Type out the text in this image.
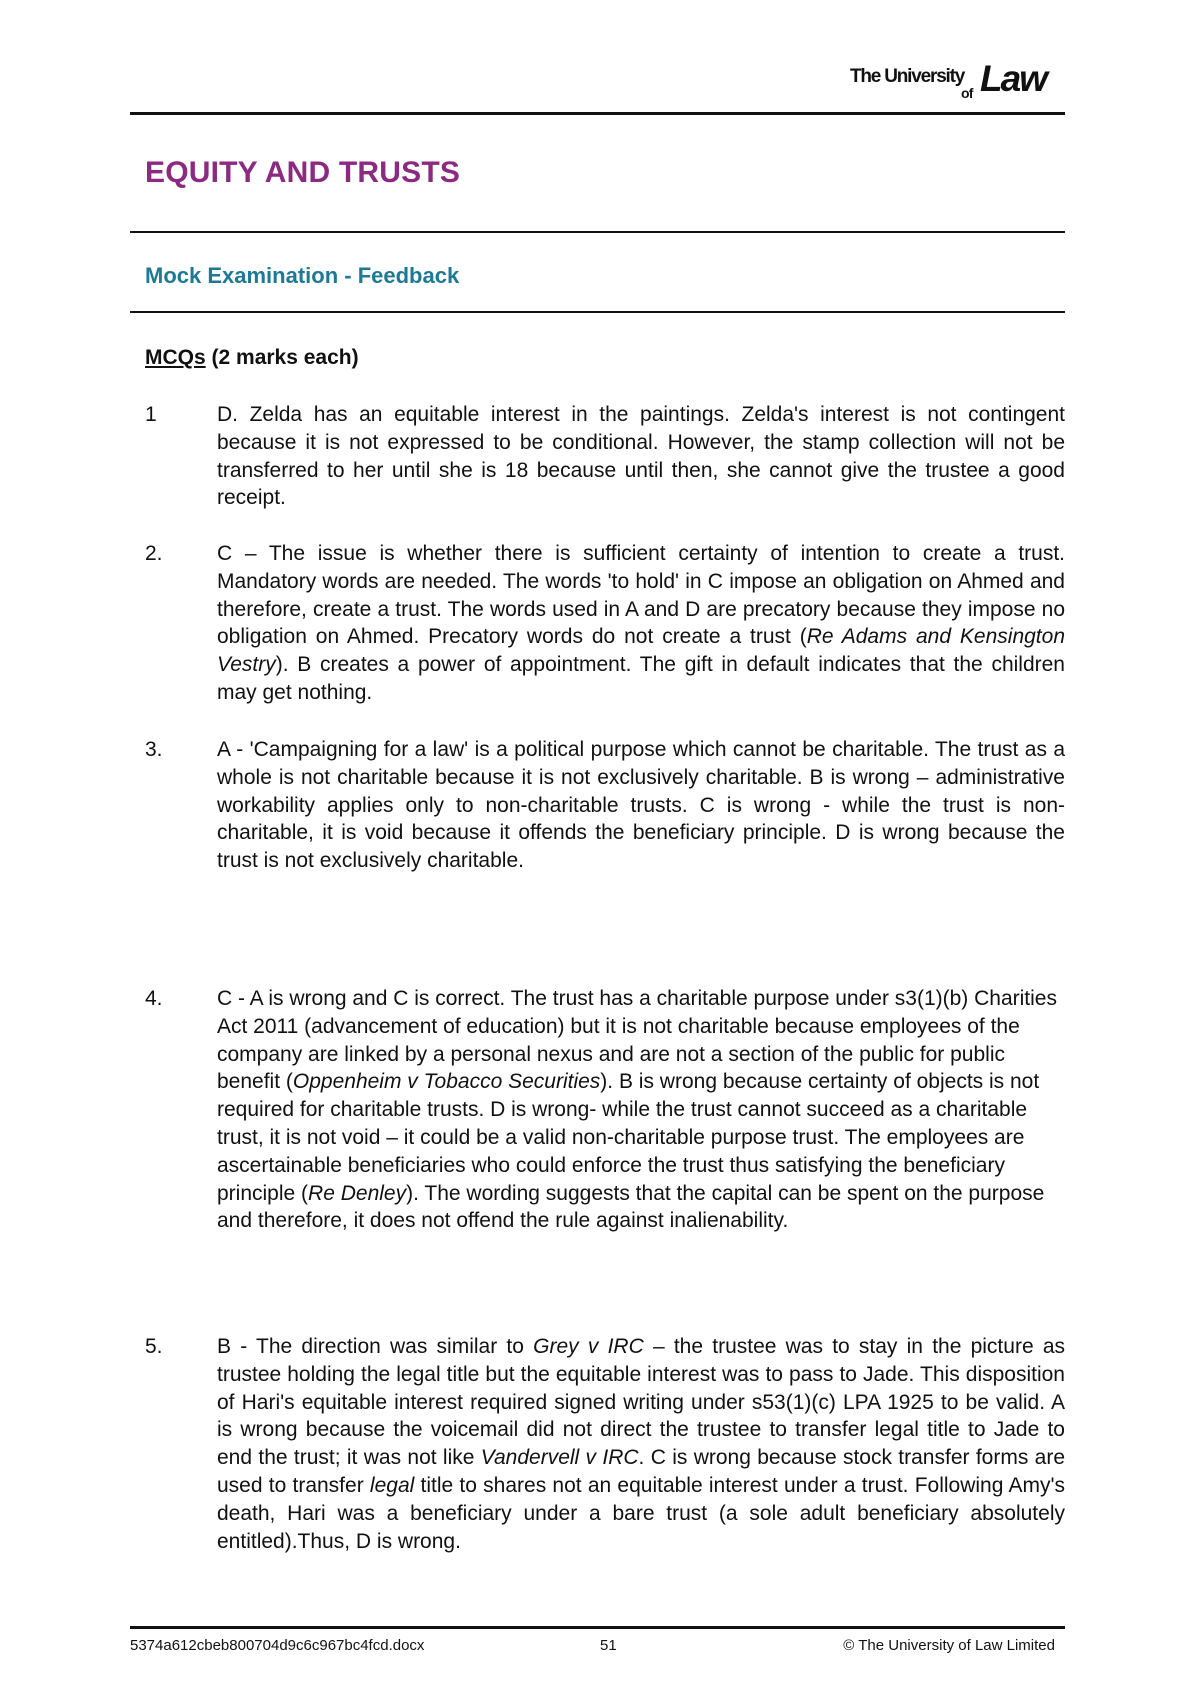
The University
of Law
EQUITY AND TRUSTS
Mock Examination - Feedback

MCQs (2 marks each)

1	D. Zelda has an equitable interest in the paintings. Zelda's interest is not contingent because it is not expressed to be conditional. However, the stamp collection will not be transferred to her until she is 18 because until then, she cannot give the trustee a good receipt.
2.	C – The issue is whether there is sufficient certainty of intention to create a trust. Mandatory words are needed. The words 'to hold' in C impose an obligation on Ahmed and therefore, create a trust. The words used in A and D are precatory because they impose no obligation on Ahmed. Precatory words do not create a trust (Re Adams and Kensington Vestry). B creates a power of appointment. The gift in default indicates that the children may get nothing.
3.	A - 'Campaigning for a law' is a political purpose which cannot be charitable. The trust as a whole is not charitable because it is not exclusively charitable. B is wrong – administrative workability applies only to non-charitable trusts. C is wrong - while the trust is non-charitable, it is void because it offends the beneficiary principle. D is wrong because the trust is not exclusively charitable.
4.	C - A is wrong and C is correct. The trust has a charitable purpose under s3(1)(b) Charities Act 2011 (advancement of education) but it is not charitable because employees of the company are linked by a personal nexus and are not a section of the public for public benefit (Oppenheim v Tobacco Securities). B is wrong because certainty of objects is not required for charitable trusts. D is wrong- while the trust cannot succeed as a charitable trust, it is not void – it could be a valid non-charitable purpose trust. The employees are ascertainable beneficiaries who could enforce the trust thus satisfying the beneficiary principle (Re Denley). The wording suggests that the capital can be spent on the purpose and therefore, it does not offend the rule against inalienability.
5.	B - The direction was similar to Grey v IRC – the trustee was to stay in the picture as trustee holding the legal title but the equitable interest was to pass to Jade. This disposition of Hari's equitable interest required signed writing under s53(1)(c) LPA 1925 to be valid. A is wrong because the voicemail did not direct the trustee to transfer legal title to Jade to end the trust; it was not like Vandervell v IRC. C is wrong because stock transfer forms are used to transfer legal title to shares not an equitable interest under a trust. Following Amy's death, Hari was a beneficiary under a bare trust (a sole adult beneficiary absolutely entitled).Thus, D is wrong.
5374a612cbeb800704d9c6c967bc4fcd.docx	51	© The University of Law Limited
